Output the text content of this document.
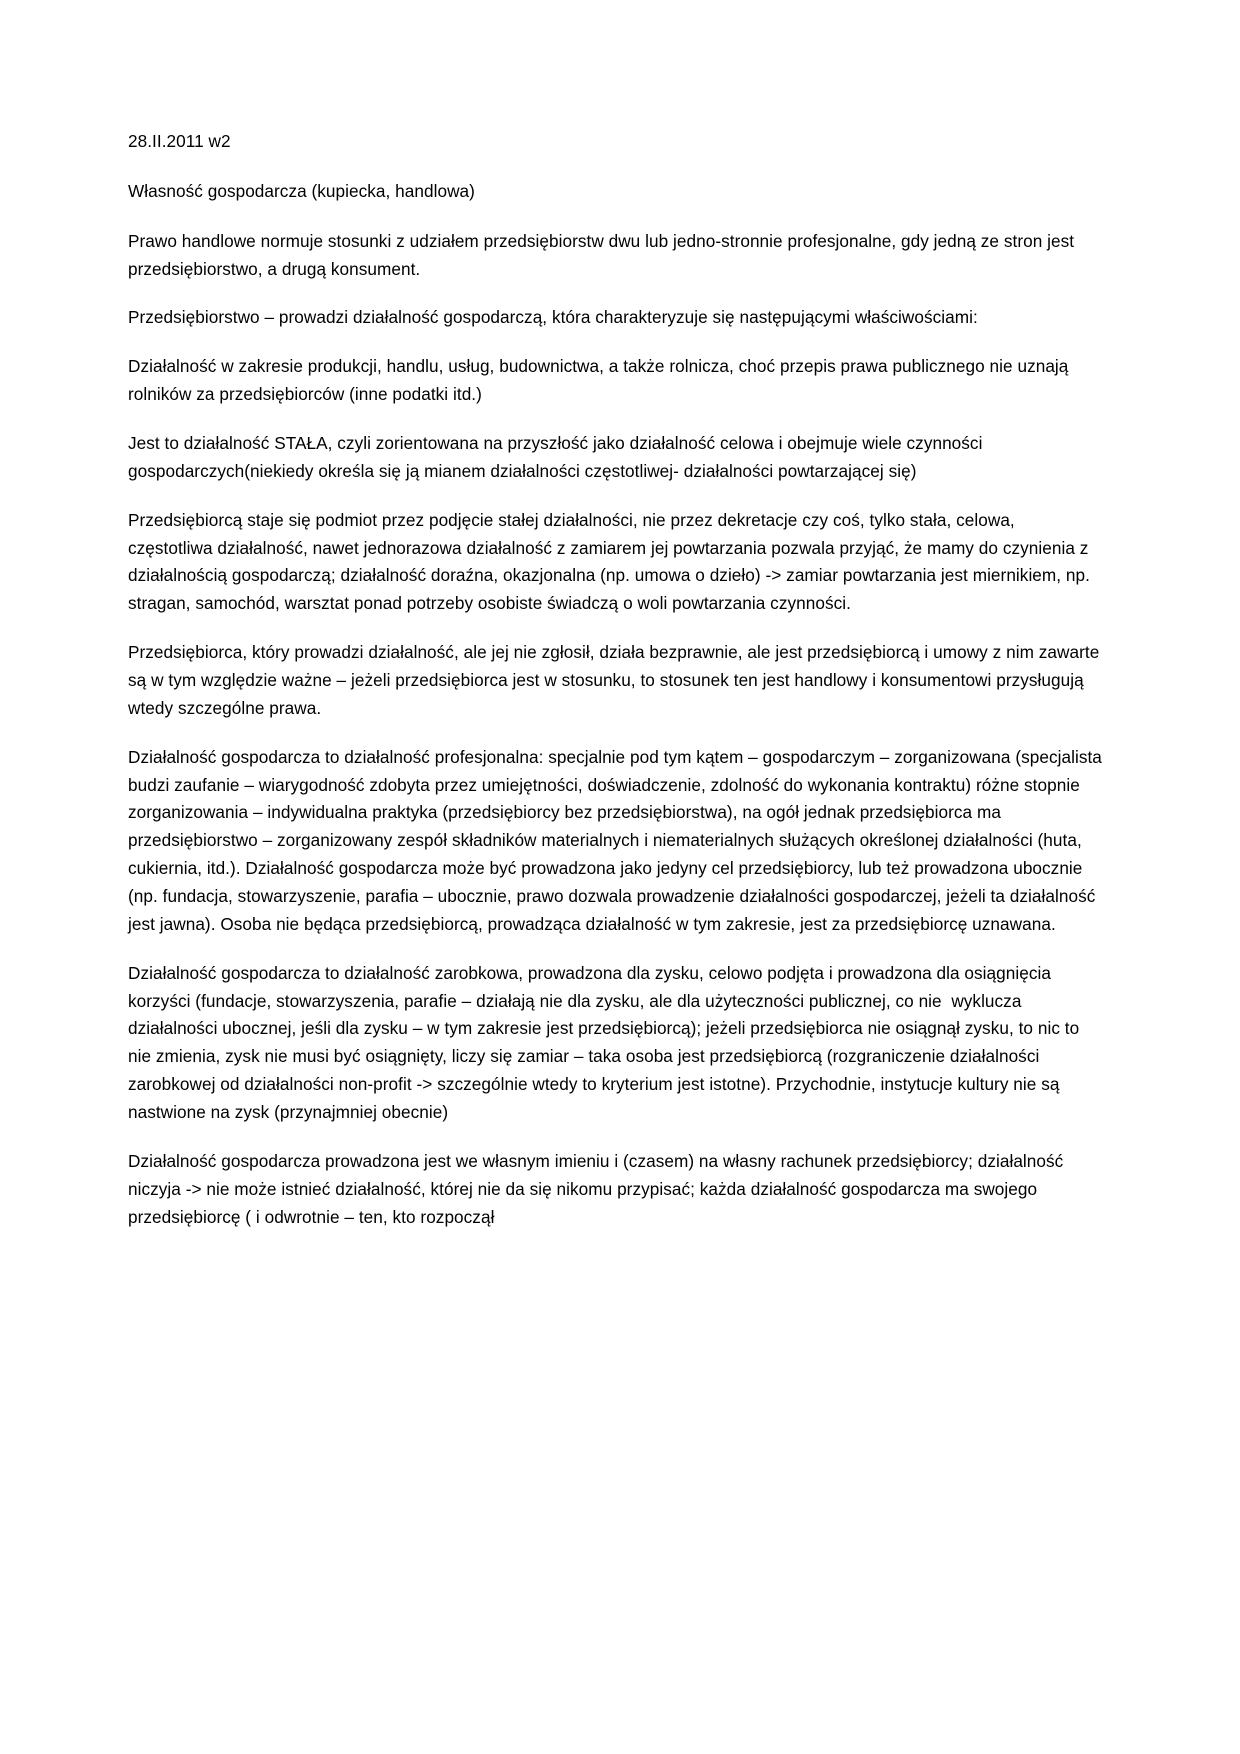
28.II.2011 w2

Własność gospodarcza (kupiecka, handlowa)

Prawo handlowe normuje stosunki z udziałem przedsiębiorstw dwu lub jedno-stronnie profesjonalne, gdy jedną ze stron jest przedsiębiorstwo, a drugą konsument.

Przedsiębiorstwo – prowadzi działalność gospodarczą, która charakteryzuje się następującymi właściwościami:

Działalność w zakresie produkcji, handlu, usług, budownictwa, a także rolnicza, choć przepis prawa publicznego nie uznają rolników za przedsiębiorców (inne podatki itd.)

Jest to działalność STAŁA, czyli zorientowana na przyszłość jako działalność celowa i obejmuje wiele czynności gospodarczych(niekiedy określa się ją mianem działalności częstotliwej- działalności powtarzającej się)

Przedsiębiorcą staje się podmiot przez podjęcie stałej działalności, nie przez dekretacje czy coś, tylko stała, celowa, częstotliwa działalność, nawet jednorazowa działalność z zamiarem jej powtarzania pozwala przyjąć, że mamy do czynienia z działalnością gospodarczą; działalność doraźna, okazjonalna (np. umowa o dzieło) -> zamiar powtarzania jest miernikiem, np. stragan, samochód, warsztat ponad potrzeby osobiste świadczą o woli powtarzania czynności.

Przedsiębiorca, który prowadzi działalność, ale jej nie zgłosił, działa bezprawnie, ale jest przedsiębiorcą i umowy z nim zawarte są w tym względzie ważne – jeżeli przedsiębiorca jest w stosunku, to stosunek ten jest handlowy i konsumentowi przysługują wtedy szczególne prawa.

Działalność gospodarcza to działalność profesjonalna: specjalnie pod tym kątem – gospodarczym – zorganizowana (specjalista budzi zaufanie – wiarygodność zdobyta przez umiejętności, doświadczenie, zdolność do wykonania kontraktu) różne stopnie zorganizowania – indywidualna praktyka (przedsiębiorcy bez przedsiębiorstwa), na ogół jednak przedsiębiorca ma przedsiębiorstwo – zorganizowany zespół składników materialnych i niematerialnych służących określonej działalności (huta, cukiernia, itd.). Działalność gospodarcza może być prowadzona jako jedyny cel przedsiębiorcy, lub też prowadzona ubocznie (np. fundacja, stowarzyszenie, parafia – ubocznie, prawo dozwala prowadzenie działalności gospodarczej, jeżeli ta działalność jest jawna). Osoba nie będąca przedsiębiorcą, prowadząca działalność w tym zakresie, jest za przedsiębiorcę uznawana.

Działalność gospodarcza to działalność zarobkowa, prowadzona dla zysku, celowo podjęta i prowadzona dla osiągnięcia korzyści (fundacje, stowarzyszenia, parafie – działają nie dla zysku, ale dla użyteczności publicznej, co nie  wyklucza działalności ubocznej, jeśli dla zysku – w tym zakresie jest przedsiębiorcą); jeżeli przedsiębiorca nie osiągnął zysku, to nic to nie zmienia, zysk nie musi być osiągnięty, liczy się zamiar – taka osoba jest przedsiębiorcą (rozgraniczenie działalności zarobkowej od działalności non-profit -> szczególnie wtedy to kryterium jest istotne). Przychodnie, instytucje kultury nie są nastwione na zysk (przynajmniej obecnie)

Działalność gospodarcza prowadzona jest we własnym imieniu i (czasem) na własny rachunek przedsiębiorcy; działalność niczyja -> nie może istnieć działalność, której nie da się nikomu przypisać; każda działalność gospodarcza ma swojego przedsiębiorcę ( i odwrotnie – ten, kto rozpoczął
